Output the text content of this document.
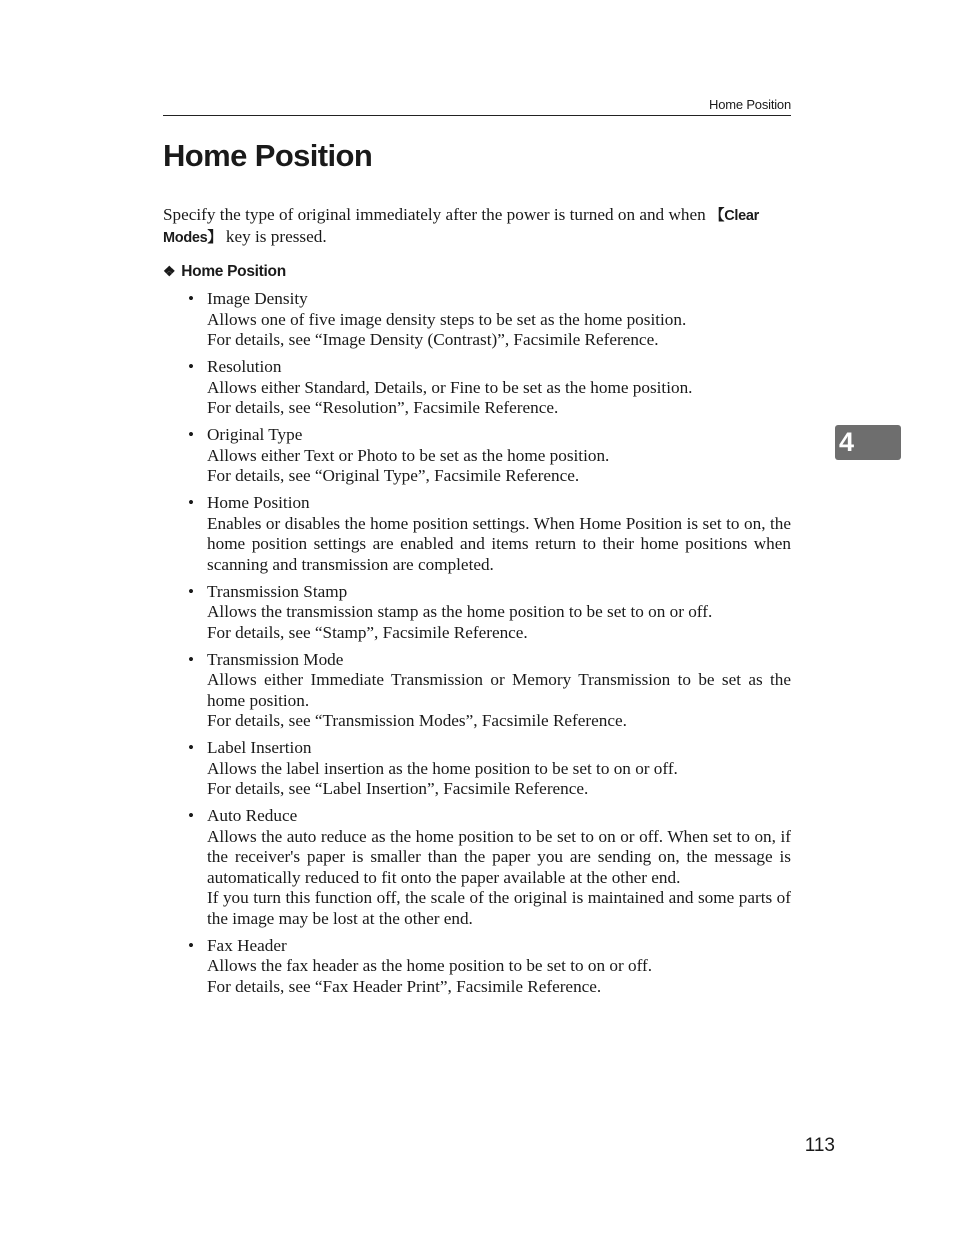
Home Position
Home Position

Specify the type of original immediately after the power is turned on and when 【Clear Modes】 key is pressed.

❖ Home Position
• Image Density
Allows one of five image density steps to be set as the home position.
For details, see “Image Density (Contrast)”, Facsimile Reference.
• Resolution
Allows either Standard, Details, or Fine to be set as the home position.
For details, see “Resolution”, Facsimile Reference.
• Original Type
Allows either Text or Photo to be set as the home position.
For details, see “Original Type”, Facsimile Reference.
• Home Position
Enables or disables the home position settings. When Home Position is set to on, the home position settings are enabled and items return to their home positions when scanning and transmission are completed.
• Transmission Stamp
Allows the transmission stamp as the home position to be set to on or off.
For details, see “Stamp”, Facsimile Reference.
• Transmission Mode
Allows either Immediate Transmission or Memory Transmission to be set as the home position.
For details, see “Transmission Modes”, Facsimile Reference.
• Label Insertion
Allows the label insertion as the home position to be set to on or off.
For details, see “Label Insertion”, Facsimile Reference.
• Auto Reduce
Allows the auto reduce as the home position to be set to on or off. When set to on, if the receiver's paper is smaller than the paper you are sending on, the message is automatically reduced to fit onto the paper available at the other end.
If you turn this function off, the scale of the original is maintained and some parts of the image may be lost at the other end.
• Fax Header
Allows the fax header as the home position to be set to on or off.
For details, see “Fax Header Print”, Facsimile Reference.
4
113
